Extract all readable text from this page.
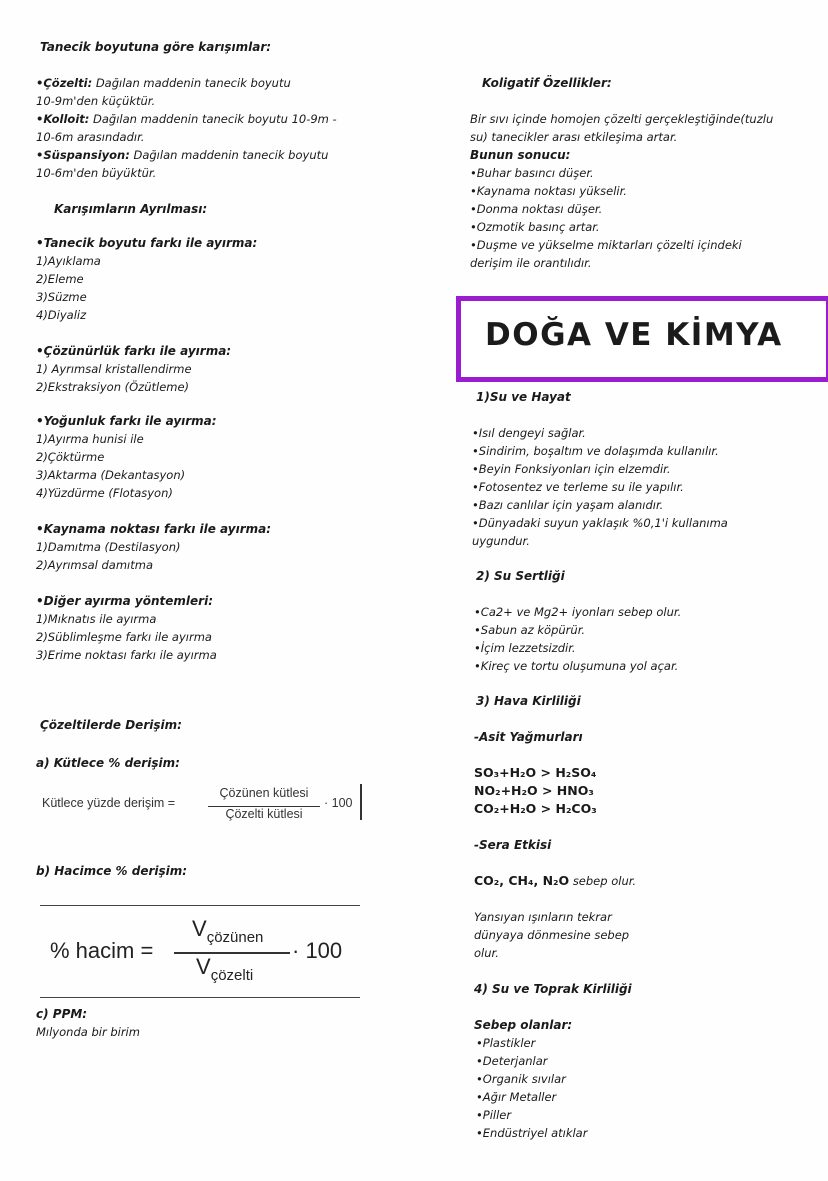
Tanecik boyutuna göre karışımlar:
•Çözelti: Dağılan maddenin tanecik boyutu
10-9m'den küçüktür.
•Kolloit: Dağılan maddenin tanecik boyutu 10-9m -
10-6m arasındadır.
•Süspansiyon: Dağılan maddenin tanecik boyutu
10-6m'den büyüktür.
Karışımların Ayrılması:
•Tanecik boyutu farkı ile ayırma:
1)Ayıklama
2)Eleme
3)Süzme
4)Diyaliz
•Çözünürlük farkı ile ayırma:
1) Ayrımsal kristallendirme
2)Ekstraksiyon (Özütleme)
•Yoğunluk farkı ile ayırma:
1)Ayırma hunisi ile
2)Çöktürme
3)Aktarma (Dekantasyon)
4)Yüzdürme (Flotasyon)
•Kaynama noktası farkı ile ayırma:
1)Damıtma (Destilasyon)
2)Ayrımsal damıtma
•Diğer ayırma yöntemleri:
1)Mıknatıs ile ayırma
2)Süblimleşme farkı ile ayırma
3)Erime noktası farkı ile ayırma
Çözeltilerde Derişim:
a) Kütlece % derişim:
Kütlece yüzde derişim =
Çözünen kütlesi
Çözelti kütlesi
· 100
b) Hacimce % derişim:
% hacim =
$V_{çözünen}$
$V_{çözelti}$
· 100
c) PPM:
Mılyonda bir birim
Koligatif Özellikler:
Bir sıvı içinde homojen çözelti gerçekleştiğinde(tuzlu
su) tanecikler arası etkileşima artar.
Bunun sonucu:
•Buhar basıncı düşer.
•Kaynama noktası yükselir.
•Donma noktası düşer.
•Ozmotik basınç artar.
•Duşme ve yükselme miktarları çözelti içindeki
derişim ile orantılıdır.
DOĞA VE KİMYA
1)Su ve Hayat
•Isıl dengeyi sağlar.
•Sindirim, boşaltım ve dolaşımda kullanılır.
•Beyin Fonksiyonları için elzemdir.
•Fotosentez ve terleme su ile yapılır.
•Bazı canlılar için yaşam alanıdır.
•Dünyadaki suyun yaklaşık %0,1'i kullanıma
uygundur.
2) Su Sertliği
•Ca2+ ve Mg2+ iyonları sebep olur.
•Sabun az köpürür.
•İçim lezzetsizdir.
•Kireç ve tortu oluşumuna yol açar.
3) Hava Kirliliği
-Asit Yağmurları
SO₃+H₂O > H₂SO₄
NO₂+H₂O > HNO₃
CO₂+H₂O > H₂CO₃
-Sera Etkisi
CO₂, CH₄, N₂O sebep olur.
Yansıyan ışınların tekrar
dünyaya dönmesine sebep
olur.
4) Su ve Toprak Kirliliği
Sebep olanlar:
•Plastikler
•Deterjanlar
•Organik sıvılar
•Ağır Metaller
•Piller
•Endüstriyel atıklar
